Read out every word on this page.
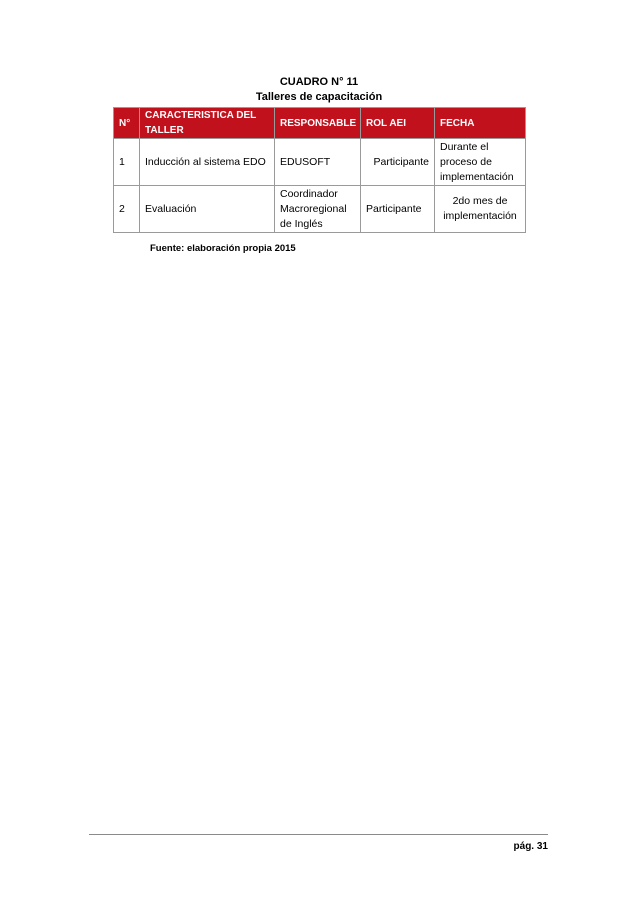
CUADRO N° 11
Talleres de capacitación
N°	CARACTERISTICA DEL TALLER	RESPONSABLE	ROL AEI	FECHA
1	Inducción al sistema EDO	EDUSOFT	Participante	Durante el proceso de implementación
2	Evaluación	Coordinador Macroregional de Inglés	Participante	2do mes de implementación
Fuente: elaboración propia 2015
pág. 31
